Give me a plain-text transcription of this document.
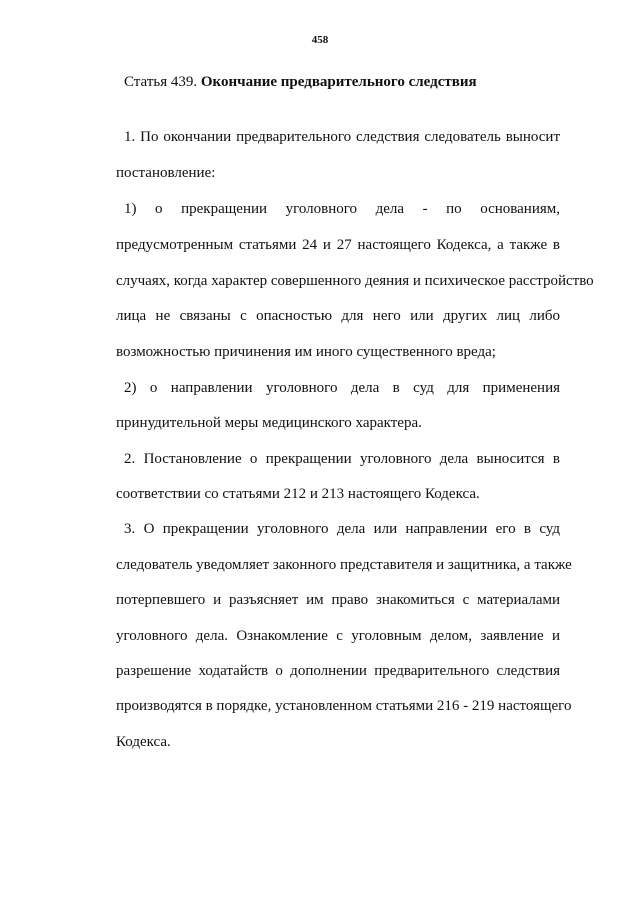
458
Статья 439. Окончание предварительного следствия
1. По окончании предварительного следствия следователь выносит
постановление:
1) о прекращении уголовного дела - по основаниям,
предусмотренным статьями 24 и 27 настоящего Кодекса, а также в
случаях, когда характер совершенного деяния и психическое расстройство
лица не связаны с опасностью для него или других лиц либо
возможностью причинения им иного существенного вреда;
2) о направлении уголовного дела в суд для применения
принудительной меры медицинского характера.
2. Постановление о прекращении уголовного дела выносится в
соответствии со статьями 212 и 213 настоящего Кодекса.
3. О прекращении уголовного дела или направлении его в суд
следователь уведомляет законного представителя и защитника, а также
потерпевшего и разъясняет им право знакомиться с материалами
уголовного дела. Ознакомление с уголовным делом, заявление и
разрешение ходатайств о дополнении предварительного следствия
производятся в порядке, установленном статьями 216 - 219 настоящего
Кодекса.
